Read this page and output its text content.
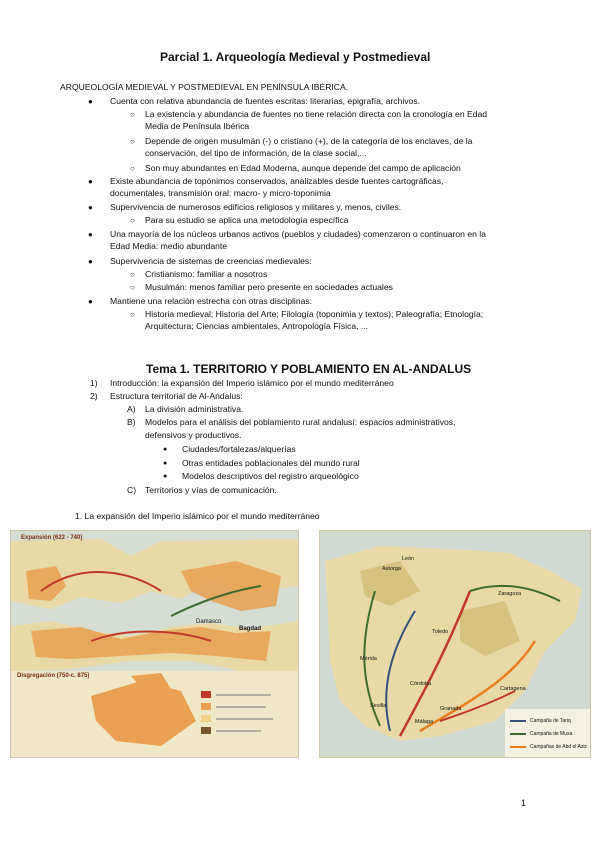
Parcial 1. Arqueología Medieval y Postmedieval
ARQUEOLOGÍA MEDIEVAL Y POSTMEDIEVAL EN PENÍNSULA IBÉRICA.
● Cuenta con relativa abundancia de fuentes escritas: literarias, epigrafía, archivos.
○ La existencia y abundancia de fuentes no tiene relación directa con la cronología en Edad
Media de Península Ibérica
○ Depende de origen musulmán (-) o cristiano (+), de la categoría de los enclaves, de la
conservación, del tipo de información, de la clase social,...
○ Son muy abundantes en Edad Moderna, aunque depende del campo de aplicación
● Existe abundancia de topónimos conservados, analizables desde fuentes cartográficas,
documentales, transmisión oral: macro- y micro-toponimia
● Supervivencia de numerosos edificios religiosos y militares y, menos, civiles.
○ Para su estudio se aplica una metodología específica
● Una mayoría de los núcleos urbanos activos (pueblos y ciudades) comenzaron o continuaron en la
Edad Media: medio abundante
● Supervivencia de sistemas de creencias medievales:
○ Cristianismo: familiar a nosotros
○ Musulmán: menos familiar pero presente en sociedades actuales
● Mantiene una relación estrecha con otras disciplinas:
○ Historia medieval; Historia del Arte; Filología (toponimia y textos); Paleografía; Etnología;
Arquitectura; Ciencias ambientales, Antropología Física, ...
Tema 1. TERRITORIO Y POBLAMIENTO EN AL-ANDALUS
1) Introducción: la expansión del Imperio islámico por el mundo mediterráneo
2) Estructura territorial de Al-Andalus:
A) La división administrativa.
B) Modelos para el análisis del poblamiento rural andalusí: espacios administrativos,
defensivos y productivos.
● Ciudades/fortalezas/alquerías
● Otras entidades poblacionales del mundo rural
● Modelos descriptivos del registro arqueológico
C) Territorios y vías de comunicación.
1. La expansión del Imperio islámico por el mundo mediterráneo
Expansión (622 - 740)
Disgregación (750-c. 875)
Bagdad
Damasco
Astorga
León
Zaragoza
Toledo
Córdoba
Mérida
Sevilla	Granada
Cartagena
Málaga	Campaña de Tariq
Campaña de Musa
Campañas de Abd el Aziz
1
